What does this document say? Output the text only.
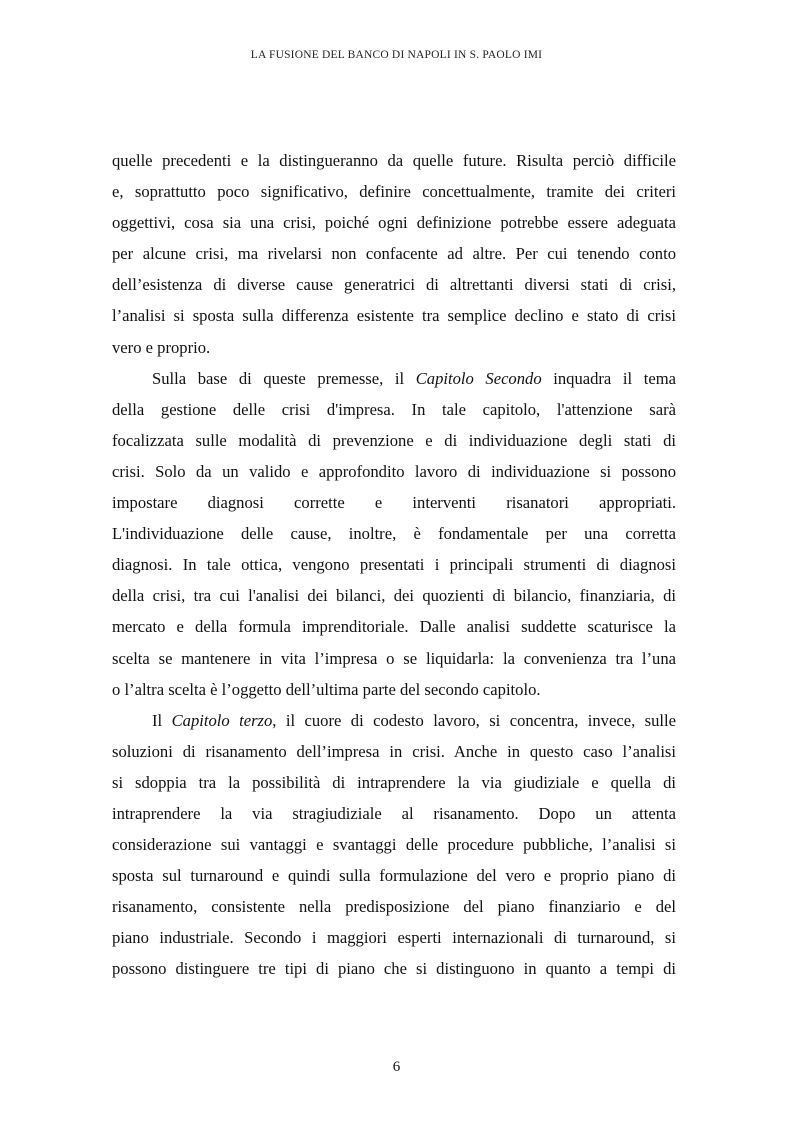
LA FUSIONE DEL BANCO DI NAPOLI IN S. PAOLO IMI
quelle precedenti e la distingueranno da quelle future. Risulta perciò difficile
e, soprattutto poco significativo, definire concettualmente, tramite dei criteri
oggettivi, cosa sia una crisi, poiché ogni definizione potrebbe essere adeguata
per alcune crisi, ma rivelarsi non confacente ad altre. Per cui tenendo conto
dell’esistenza di diverse cause generatrici di altrettanti diversi stati di crisi,
l’analisi si sposta sulla differenza esistente tra semplice declino e stato di crisi
vero e proprio.
Sulla base di queste premesse, il Capitolo Secondo inquadra il tema
della gestione delle crisi d'impresa. In tale capitolo, l'attenzione sarà
focalizzata sulle modalità di prevenzione e di individuazione degli stati di
crisi. Solo da un valido e approfondito lavoro di individuazione si possono
impostare diagnosi corrette e interventi risanatori appropriati.
L'individuazione delle cause, inoltre, è fondamentale per una corretta
diagnosi. In tale ottica, vengono presentati i principali strumenti di diagnosi
della crisi, tra cui l'analisi dei bilanci, dei quozienti di bilancio, finanziaria, di
mercato e della formula imprenditoriale. Dalle analisi suddette scaturisce la
scelta se mantenere in vita l’impresa o se liquidarla: la convenienza tra l’una
o l’altra scelta è l’oggetto dell’ultima parte del secondo capitolo.
Il Capitolo terzo, il cuore di codesto lavoro, si concentra, invece, sulle
soluzioni di risanamento dell’impresa in crisi. Anche in questo caso l’analisi
si sdoppia tra la possibilità di intraprendere la via giudiziale e quella di
intraprendere la via stragiudiziale al risanamento. Dopo un attenta
considerazione sui vantaggi e svantaggi delle procedure pubbliche, l’analisi si
sposta sul turnaround e quindi sulla formulazione del vero e proprio piano di
risanamento, consistente nella predisposizione del piano finanziario e del
piano industriale. Secondo i maggiori esperti internazionali di turnaround, si
possono distinguere tre tipi di piano che si distinguono in quanto a tempi di
6
